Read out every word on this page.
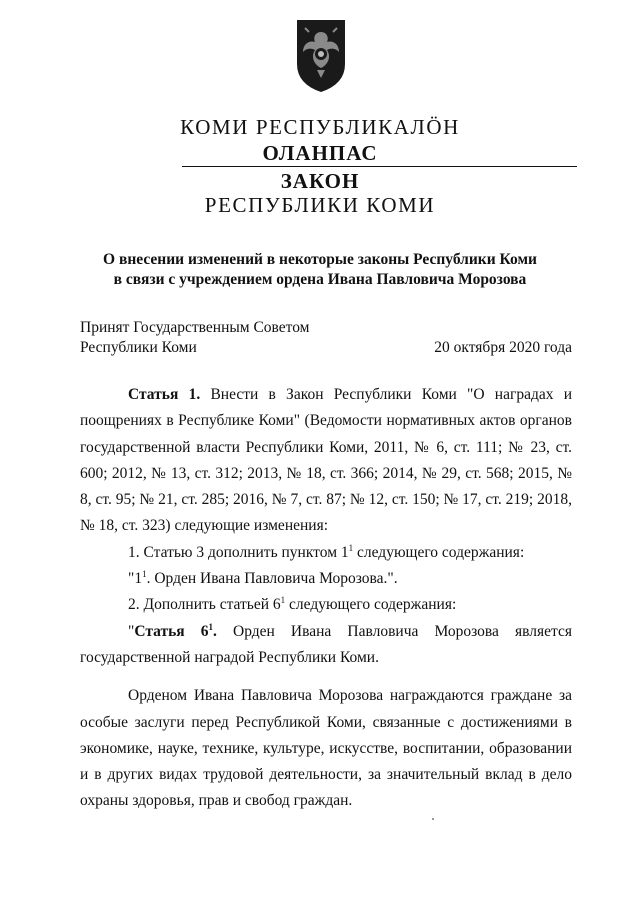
КОМИ РЕСПУБЛИКАЛӦН
ОЛАНПАС
ЗАКОН
РЕСПУБЛИКИ КОМИ
О внесении изменений в некоторые законы Республики Коми
в связи с учреждением ордена Ивана Павловича Морозова
Принят Государственным Советом
Республики Коми	20 октября 2020 года

Статья 1. Внести в Закон Республики Коми "О наградах и поощрениях в Республике Коми" (Ведомости нормативных актов органов государственной власти Республики Коми, 2011, № 6, ст. 111; № 23, ст. 600; 2012, № 13, ст. 312; 2013, № 18, ст. 366; 2014, № 29, ст. 568; 2015, № 8, ст. 95; № 21, ст. 285; 2016, № 7, ст. 87; № 12, ст. 150; № 17, ст. 219; 2018, № 18, ст. 323) следующие изменения:

1. Статью 3 дополнить пунктом $1^1$ следующего содержания:

"$1^1$. Орден Ивана Павловича Морозова.".

2. Дополнить статьей $6^1$ следующего содержания:

"Статья $6^1$. Орден Ивана Павловича Морозова является государственной наградой Республики Коми.

Орденом Ивана Павловича Морозова награждаются граждане за особые заслуги перед Республикой Коми, связанные с достижениями в экономике, науке, технике, культуре, искусстве, воспитании, образовании и в других видах трудовой деятельности, за значительный вклад в дело охраны здоровья, прав и свобод граждан.
